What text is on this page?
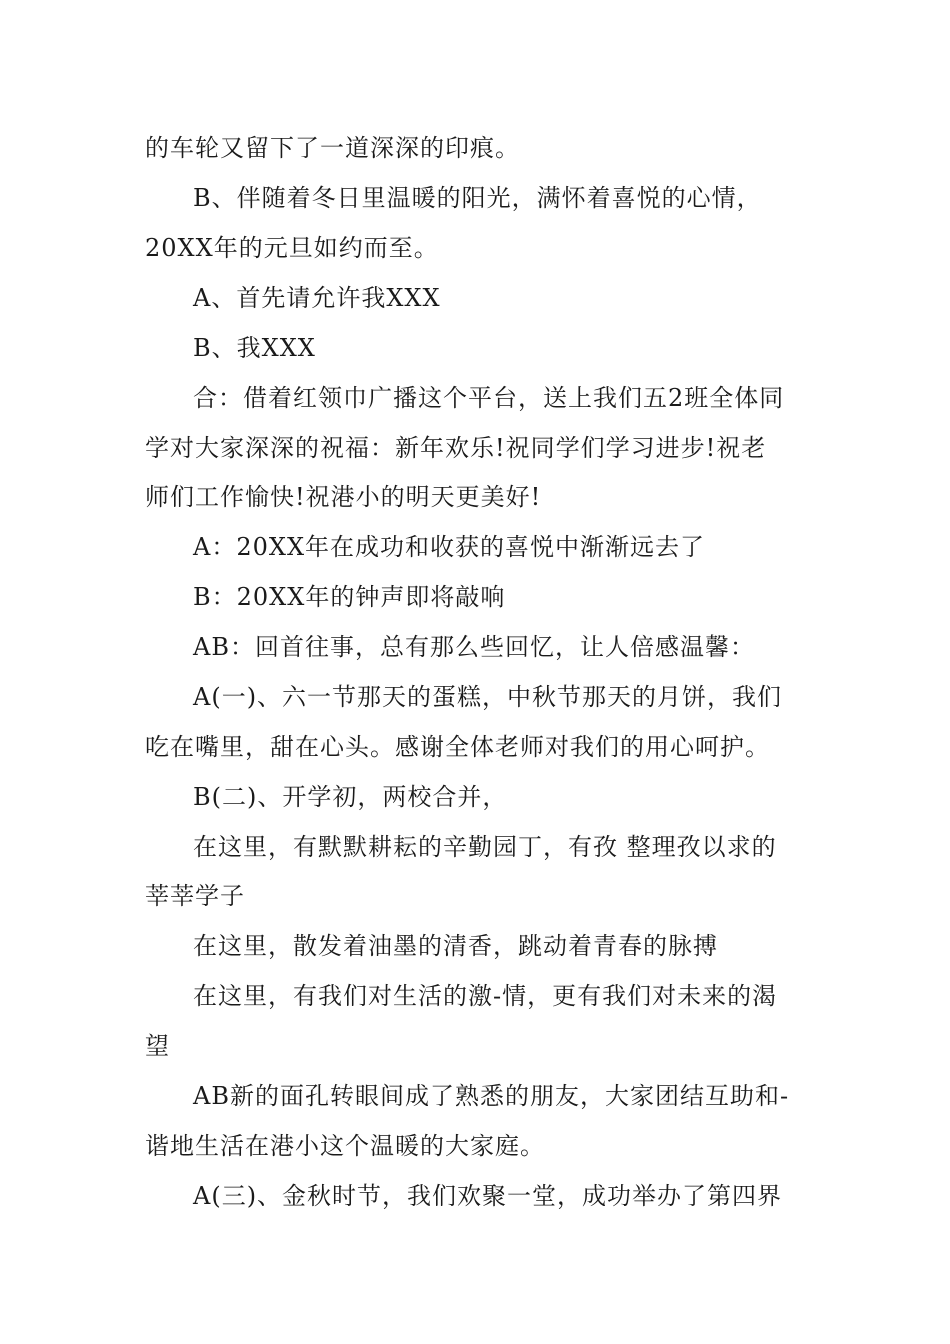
的车轮又留下了一道深深的印痕。
B、伴随着冬日里温暖的阳光，满怀着喜悦的心情，
20XX年的元旦如约而至。
A、首先请允许我XXX
B、我XXX
合：借着红领巾广播这个平台，送上我们五2班全体同
学对大家深深的祝福：新年欢乐!祝同学们学习进步!祝老
师们工作愉快!祝港小的明天更美好!
A：20XX年在成功和收获的喜悦中渐渐远去了
B：20XX年的钟声即将敲响
AB：回首往事，总有那么些回忆，让人倍感温馨：
A(一)、六一节那天的蛋糕，中秋节那天的月饼，我们
吃在嘴里，甜在心头。感谢全体老师对我们的用心呵护。
B(二)、开学初，两校合并，
在这里，有默默耕耘的辛勤园丁，有孜 整理孜以求的
莘莘学子
在这里，散发着油墨的清香，跳动着青春的脉搏
在这里，有我们对生活的激-情，更有我们对未来的渴
望
AB新的面孔转眼间成了熟悉的朋友，大家团结互助和-
谐地生活在港小这个温暖的大家庭。
A(三)、金秋时节，我们欢聚一堂，成功举办了第四界
